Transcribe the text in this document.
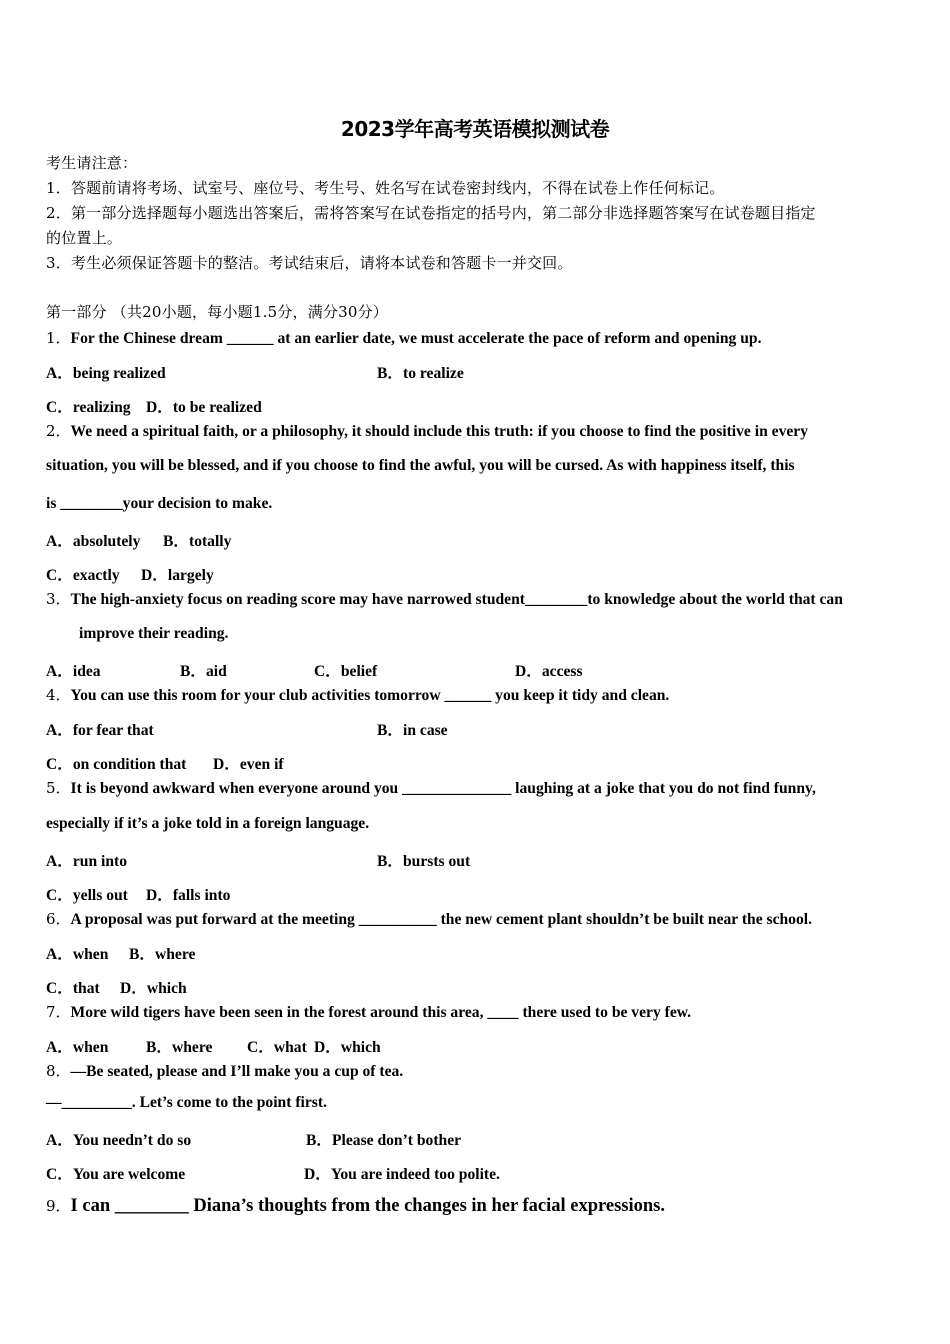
2023学年高考英语模拟测试卷
考生请注意：
1．答题前请将考场、试室号、座位号、考生号、姓名写在试卷密封线内，不得在试卷上作任何标记。
2．第一部分选择题每小题选出答案后，需将答案写在试卷指定的括号内，第二部分非选择题答案写在试卷题目指定
的位置上。
3．考生必须保证答题卡的整洁。考试结束后，请将本试卷和答题卡一并交回。
第一部分 （共20小题，每小题1.5分，满分30分）
1．For the Chinese dream ______ at an earlier date, we must accelerate the pace of reform and opening up.
A．being realized	B．to realize
C．realizing D．to be realized
2．We need a spiritual faith, or a philosophy, it should include this truth: if you choose to find the positive in every
situation, you will be blessed, and if you choose to find the awful, you will be cursed. As with happiness itself, this
is ________your decision to make.
A．absolutely B．totally
C．exactly D．largely
3．The high-anxiety focus on reading score may have narrowed student________to knowledge about the world that can
improve their reading.
A．idea	B．aid	C．belief	D．access
4．You can use this room for your club activities tomorrow ______ you keep it tidy and clean.
A．for fear that	B．in case
C．on condition that D．even if
5．It is beyond awkward when everyone around you ______________ laughing at a joke that you do not find funny,
especially if it’s a joke told in a foreign language.
A．run into	B．bursts out
C．yells out D．falls into
6．A proposal was put forward at the meeting __________ the new cement plant shouldn’t be built near the school.
A．when B．where
C．that D．which
7．More wild tigers have been seen in the forest around this area, ____ there used to be very few.
A．when B．where C．what D．which
8．—Be seated, please and I’ll make you a cup of tea.
—_________. Let’s come to the point first.
A．You needn’t do so	B．Please don’t bother
C．You are welcome	D．You are indeed too polite.
9．I can ________ Diana’s thoughts from the changes in her facial expressions.
